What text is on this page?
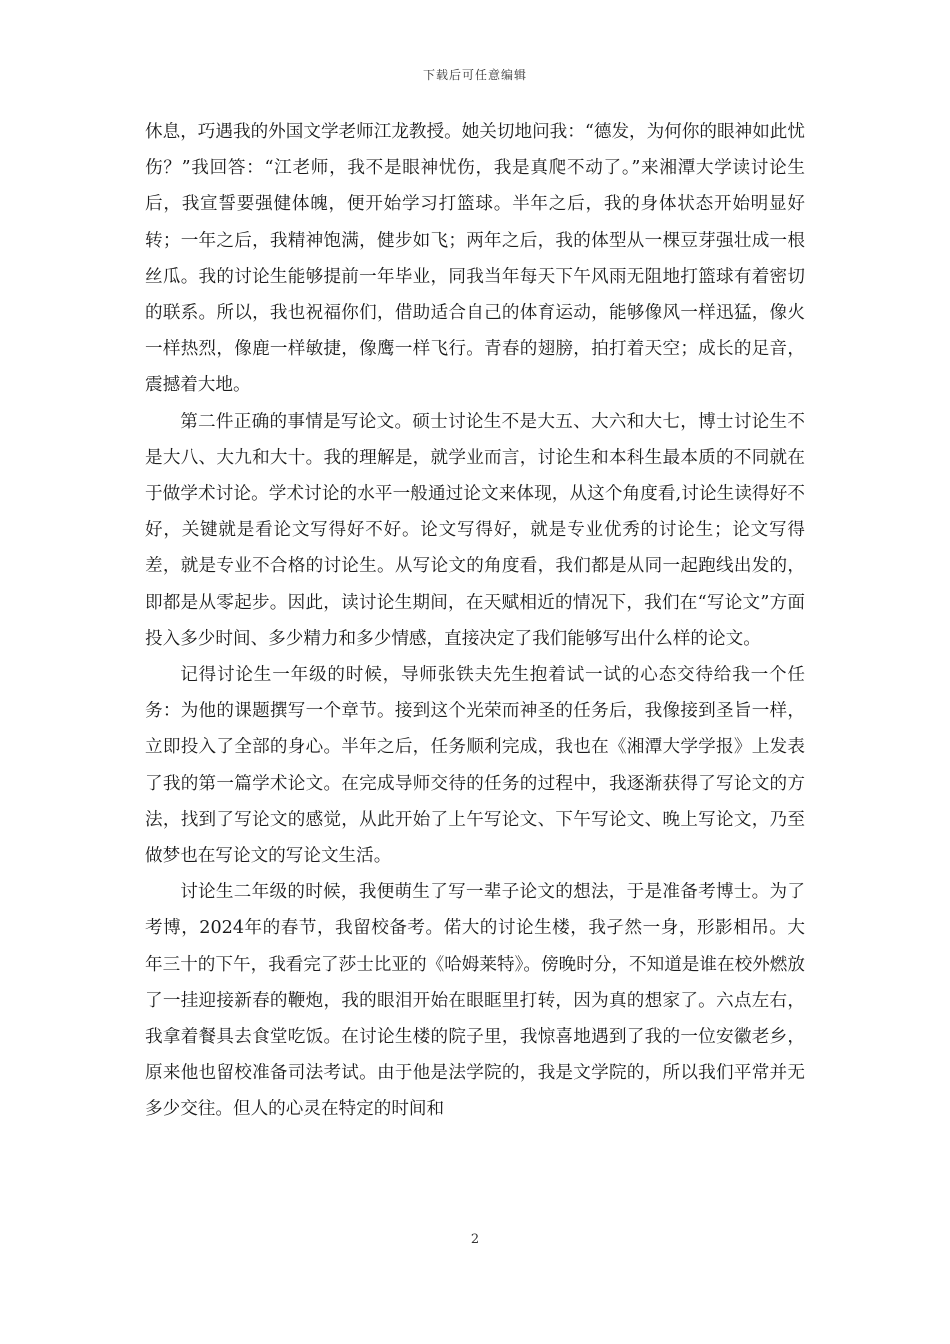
下载后可任意编辑

休息，巧遇我的外国文学老师江龙教授。她关切地问我：“德发，为何你的眼神如此忧伤？”我回答：“江老师，我不是眼神忧伤，我是真爬不动了。”来湘潭大学读讨论生后，我宣誓要强健体魄，便开始学习打篮球。半年之后，我的身体状态开始明显好转；一年之后，我精神饱满，健步如飞；两年之后，我的体型从一棵豆芽强壮成一根丝瓜。我的讨论生能够提前一年毕业，同我当年每天下午风雨无阻地打篮球有着密切的联系。所以，我也祝福你们，借助适合自己的体育运动，能够像风一样迅猛，像火一样热烈，像鹿一样敏捷，像鹰一样飞行。青春的翅膀，拍打着天空；成长的足音，震撼着大地。

第二件正确的事情是写论文。硕士讨论生不是大五、大六和大七，博士讨论生不是大八、大九和大十。我的理解是，就学业而言，讨论生和本科生最本质的不同就在于做学术讨论。学术讨论的水平一般通过论文来体现，从这个角度看,讨论生读得好不好，关键就是看论文写得好不好。论文写得好，就是专业优秀的讨论生；论文写得差，就是专业不合格的讨论生。从写论文的角度看，我们都是从同一起跑线出发的，即都是从零起步。因此，读讨论生期间，在天赋相近的情况下，我们在“写论文”方面投入多少时间、多少精力和多少情感，直接决定了我们能够写出什么样的论文。

记得讨论生一年级的时候，导师张铁夫先生抱着试一试的心态交待给我一个任务：为他的课题撰写一个章节。接到这个光荣而神圣的任务后，我像接到圣旨一样，立即投入了全部的身心。半年之后，任务顺利完成，我也在《湘潭大学学报》上发表了我的第一篇学术论文。在完成导师交待的任务的过程中，我逐渐获得了写论文的方法，找到了写论文的感觉，从此开始了上午写论文、下午写论文、晚上写论文，乃至做梦也在写论文的写论文生活。

讨论生二年级的时候，我便萌生了写一辈子论文的想法，于是准备考博士。为了考博，2024年的春节，我留校备考。偌大的讨论生楼，我孑然一身，形影相吊。大年三十的下午，我看完了莎士比亚的《哈姆莱特》。傍晚时分，不知道是谁在校外燃放了一挂迎接新春的鞭炮，我的眼泪开始在眼眶里打转，因为真的想家了。六点左右，我拿着餐具去食堂吃饭。在讨论生楼的院子里，我惊喜地遇到了我的一位安徽老乡，原来他也留校准备司法考试。由于他是法学院的，我是文学院的，所以我们平常并无多少交往。但人的心灵在特定的时间和

2
